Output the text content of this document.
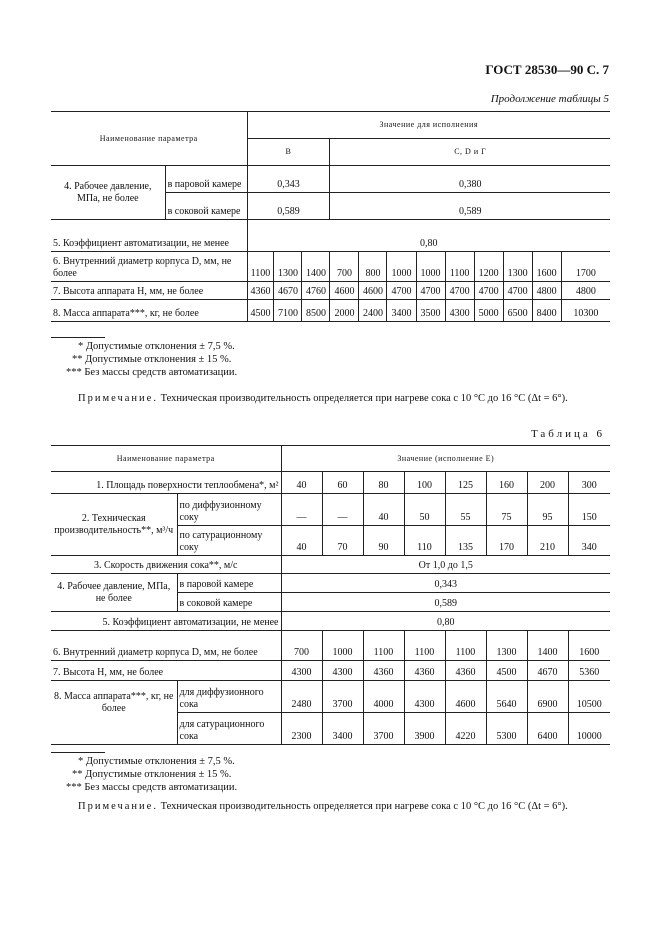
ГОСТ 28530—90 С. 7
Продолжение таблицы 5
Наименование параметра		Значение для исполнения											
		В			С, D и Г								
4. Рабочее давление, МПа, не более	в паровой камере	0,343			0,380								
	в соковой камере	0,589			0,589								
5. Коэффициент автоматизации, не менее		0,80											
6. Внутренний диаметр корпуса D, мм, не более		1100	1300	1400	700	800	1000	1000	1100	1200	1300	1600	1700
7. Высота аппарата H, мм, не более		4360	4670	4760	4600	4600	4700	4700	4700	4700	4700	4800	4800
8. Масса аппарата***, кг, не более		4500	7100	8500	2000	2400	3400	3500	4300	5000	6500	8400	10300
* Допустимые отклонения ± 7,5 %.
** Допустимые отклонения ± 15 %.
*** Без массы средств автоматизации.
Примечание. Техническая производительность определяется при нагреве сока с 10 °С до 16 °С (Δt = 6°).
Таблица 6
Наименование параметра		Значение (исполнение Е)							
1. Площадь поверхности теплообмена*, м²		40	60	80	100	125	160	200	300
2. Техническая производительность**, м³/ч	по диффузионному соку	—	—	40	50	55	75	95	150
	по сатурационному соку	40	70	90	110	135	170	210	340
3. Скорость движения сока**, м/с		От 1,0 до 1,5							
4. Рабочее давление, МПа, не более	в паровой камере	0,343							
	в соковой камере	0,589							
5. Коэффициент автоматизации, не менее		0,80							
6. Внутренний диаметр корпуса D, мм, не более		700	1000	1100	1100	1100	1300	1400	1600
7. Высота H, мм, не более		4300	4300	4360	4360	4360	4500	4670	5360
8. Масса аппарата***, кг, не более	для диффузионного сока	2480	3700	4000	4300	4600	5640	6900	10500
	для сатурационного сока	2300	3400	3700	3900	4220	5300	6400	10000
* Допустимые отклонения ± 7,5 %.
** Допустимые отклонения ± 15 %.
*** Без массы средств автоматизации.
Примечание. Техническая производительность определяется при нагреве сока с 10 °С до 16 °С (Δt = 6°).
